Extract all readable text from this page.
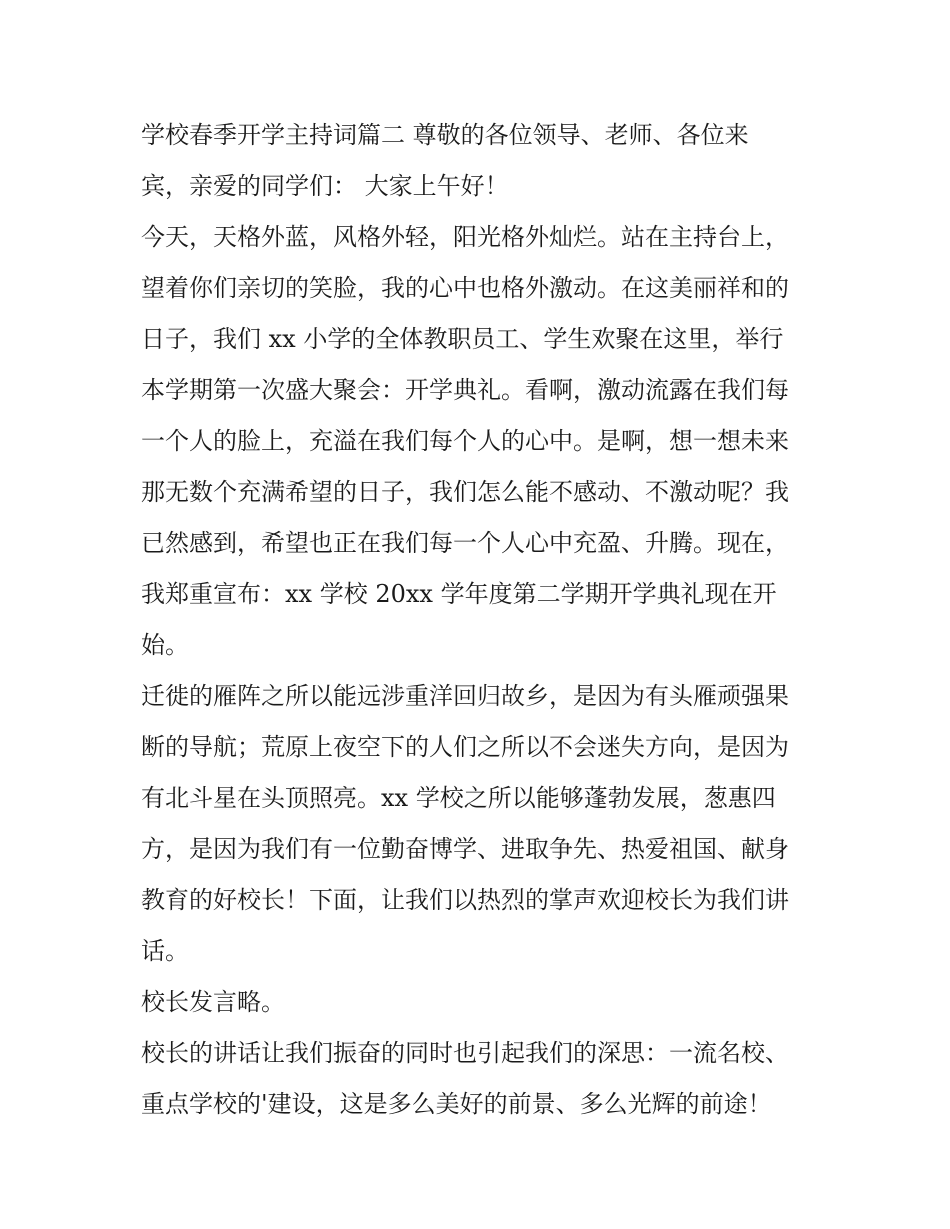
学校春季开学主持词篇二 尊敬的各位领导、老师、各位来
宾，亲爱的同学们： 大家上午好！
今天，天格外蓝，风格外轻，阳光格外灿烂。站在主持台上，
望着你们亲切的笑脸，我的心中也格外激动。在这美丽祥和的
日子，我们 xx 小学的全体教职员工、学生欢聚在这里，举行
本学期第一次盛大聚会：开学典礼。看啊，激动流露在我们每
一个人的脸上，充溢在我们每个人的心中。是啊，想一想未来
那无数个充满希望的日子，我们怎么能不感动、不激动呢？我
已然感到，希望也正在我们每一个人心中充盈、升腾。现在，
我郑重宣布：xx 学校 20xx 学年度第二学期开学典礼现在开
始。
迁徙的雁阵之所以能远涉重洋回归故乡，是因为有头雁顽强果
断的导航；荒原上夜空下的人们之所以不会迷失方向，是因为
有北斗星在头顶照亮。xx 学校之所以能够蓬勃发展，葱惠四
方，是因为我们有一位勤奋博学、进取争先、热爱祖国、献身
教育的好校长！下面，让我们以热烈的掌声欢迎校长为我们讲
话。
校长发言略。
校长的讲话让我们振奋的同时也引起我们的深思：一流名校、
重点学校的'建设，这是多么美好的前景、多么光辉的前途！
